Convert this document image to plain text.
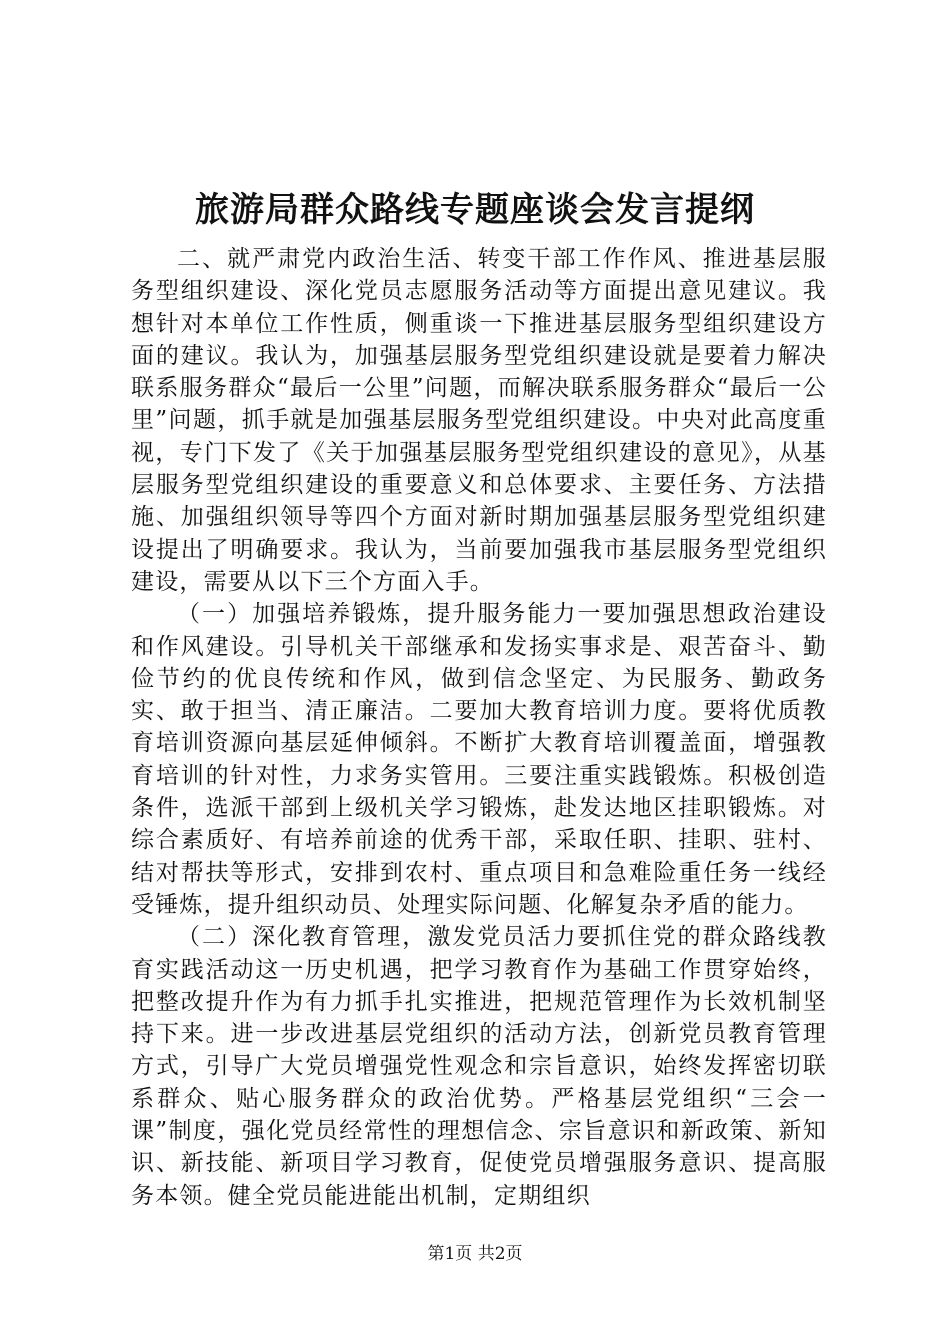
旅游局群众路线专题座谈会发言提纲

二、就严肃党内政治生活、转变干部工作作风、推进基层服务型组织建设、深化党员志愿服务活动等方面提出意见建议。我想针对本单位工作性质，侧重谈一下推进基层服务型组织建设方面的建议。我认为，加强基层服务型党组织建设就是要着力解决联系服务群众“最后一公里”问题，而解决联系服务群众“最后一公里”问题，抓手就是加强基层服务型党组织建设。中央对此高度重视，专门下发了《关于加强基层服务型党组织建设的意见》，从基层服务型党组织建设的重要意义和总体要求、主要任务、方法措施、加强组织领导等四个方面对新时期加强基层服务型党组织建设提出了明确要求。我认为，当前要加强我市基层服务型党组织建设，需要从以下三个方面入手。

（一）加强培养锻炼，提升服务能力一要加强思想政治建设和作风建设。引导机关干部继承和发扬实事求是、艰苦奋斗、勤俭节约的优良传统和作风，做到信念坚定、为民服务、勤政务实、敢于担当、清正廉洁。二要加大教育培训力度。要将优质教育培训资源向基层延伸倾斜。不断扩大教育培训覆盖面，增强教育培训的针对性，力求务实管用。三要注重实践锻炼。积极创造条件，选派干部到上级机关学习锻炼，赴发达地区挂职锻炼。对综合素质好、有培养前途的优秀干部，采取任职、挂职、驻村、结对帮扶等形式，安排到农村、重点项目和急难险重任务一线经受锤炼，提升组织动员、处理实际问题、化解复杂矛盾的能力。

（二）深化教育管理，激发党员活力要抓住党的群众路线教育实践活动这一历史机遇，把学习教育作为基础工作贯穿始终，把整改提升作为有力抓手扎实推进，把规范管理作为长效机制坚持下来。进一步改进基层党组织的活动方法，创新党员教育管理方式，引导广大党员增强党性观念和宗旨意识，始终发挥密切联系群众、贴心服务群众的政治优势。严格基层党组织“三会一课”制度，强化党员经常性的理想信念、宗旨意识和新政策、新知识、新技能、新项目学习教育，促使党员增强服务意识、提高服务本领。健全党员能进能出机制，定期组织

第1页 共2页
